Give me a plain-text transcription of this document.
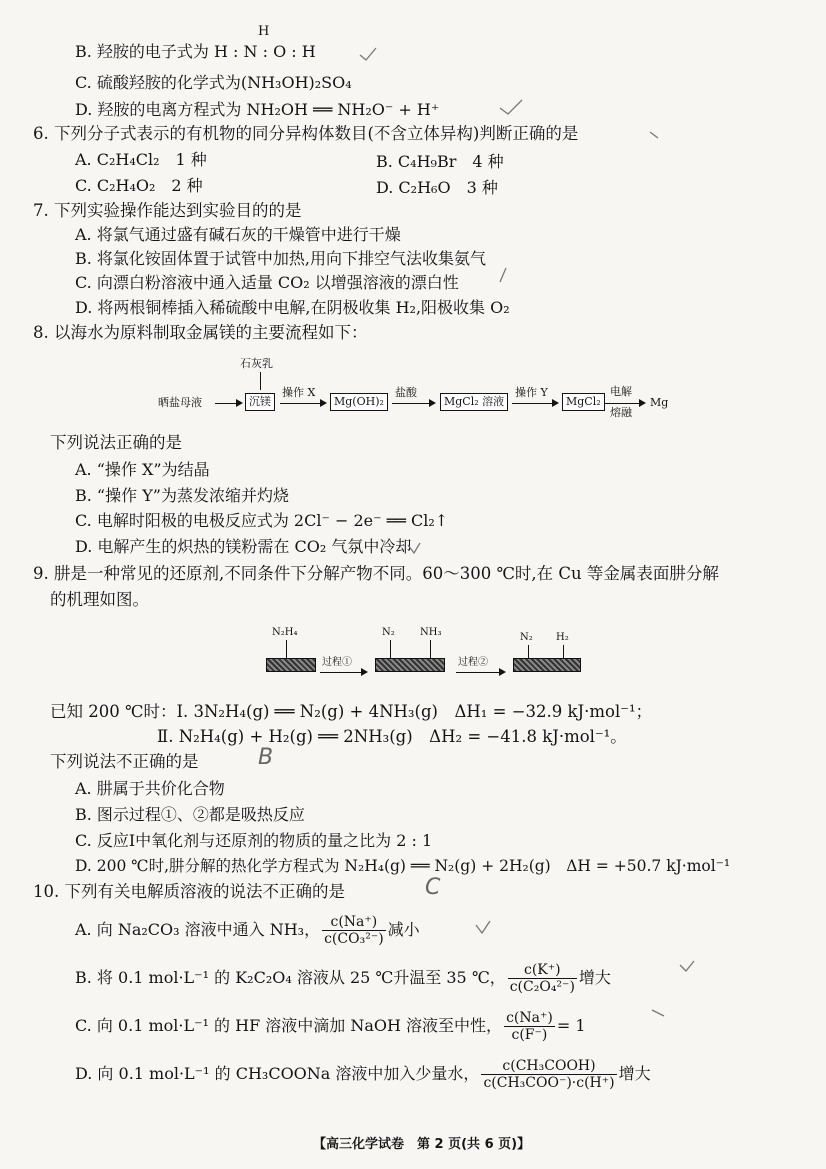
H
B. 羟胺的电子式为 H : N : O : H
C. 硫酸羟胺的化学式为(NH₃OH)₂SO₄
D. 羟胺的电离方程式为 NH₂OH ══ NH₂O⁻ + H⁺
6. 下列分子式表示的有机物的同分异构体数目(不含立体异构)判断正确的是
A. C₂H₄Cl₂　1 种	B. C₄H₉Br　4 种
C. C₂H₄O₂　2 种	D. C₂H₆O　3 种
7. 下列实验操作能达到实验目的的是
A. 将氯气通过盛有碱石灰的干燥管中进行干燥
B. 将氯化铵固体置于试管中加热,用向下排空气法收集氨气
C. 向漂白粉溶液中通入适量 CO₂ 以增强溶液的漂白性
D. 将两根铜棒插入稀硫酸中电解,在阴极收集 H₂,阳极收集 O₂
8. 以海水为原料制取金属镁的主要流程如下：
石灰乳
晒盐母液	沉镁
操作 X
Mg(OH)₂
盐酸
MgCl₂ 溶液
操作 Y
MgCl₂
电解
熔融
Mg
下列说法正确的是
A. “操作 X”为结晶
B. “操作 Y”为蒸发浓缩并灼烧
C. 电解时阳极的电极反应式为 2Cl⁻ − 2e⁻ ══ Cl₂↑
D. 电解产生的炽热的镁粉需在 CO₂ 气氛中冷却
9. 肼是一种常见的还原剂,不同条件下分解产物不同。60～300 ℃时,在 Cu 等金属表面肼分解
的机理如图。
N₂H₄
过程①
N₂	NH₃
过程②
N₂ H₂
已知 200 ℃时：Ⅰ. 3N₂H₄(g) ══ N₂(g) + 4NH₃(g)　ΔH₁ = −32.9 kJ·mol⁻¹；
Ⅱ. N₂H₄(g) + H₂(g) ══ 2NH₃(g)　ΔH₂ = −41.8 kJ·mol⁻¹。
下列说法不正确的是
A. 肼属于共价化合物
B. 图示过程①、②都是吸热反应
C. 反应Ⅰ中氧化剂与还原剂的物质的量之比为 2 : 1
D. 200 ℃时,肼分解的热化学方程式为 N₂H₄(g) ══ N₂(g) + 2H₂(g)　ΔH = +50.7 kJ·mol⁻¹
10. 下列有关电解质溶液的说法不正确的是
A. 向 Na₂CO₃ 溶液中通入 NH₃， $\frac{c(Na^+)}{\text{c(CO₃²⁻)}}$ 减小
B. 将 0.1 mol·L⁻¹ 的 K₂C₂O₄ 溶液从 25 ℃升温至 35 ℃， $\frac{c(K^+)}{\text{c(C₂O₄²⁻)}}$ 增大
C. 向 0.1 mol·L⁻¹ 的 HF 溶液中滴加 NaOH 溶液至中性， $\frac{c(Na^+)}{c(F^-)} = 1$
D. 向 0.1 mol·L⁻¹ 的 CH₃COONa 溶液中加入少量水， $\frac{\text{c(CH₃COOH)}}{\text{c(CH₃COO⁻)·c(H⁺)}}$ 增大
B
C
【高三化学试卷　第 2 页(共 6 页)】
